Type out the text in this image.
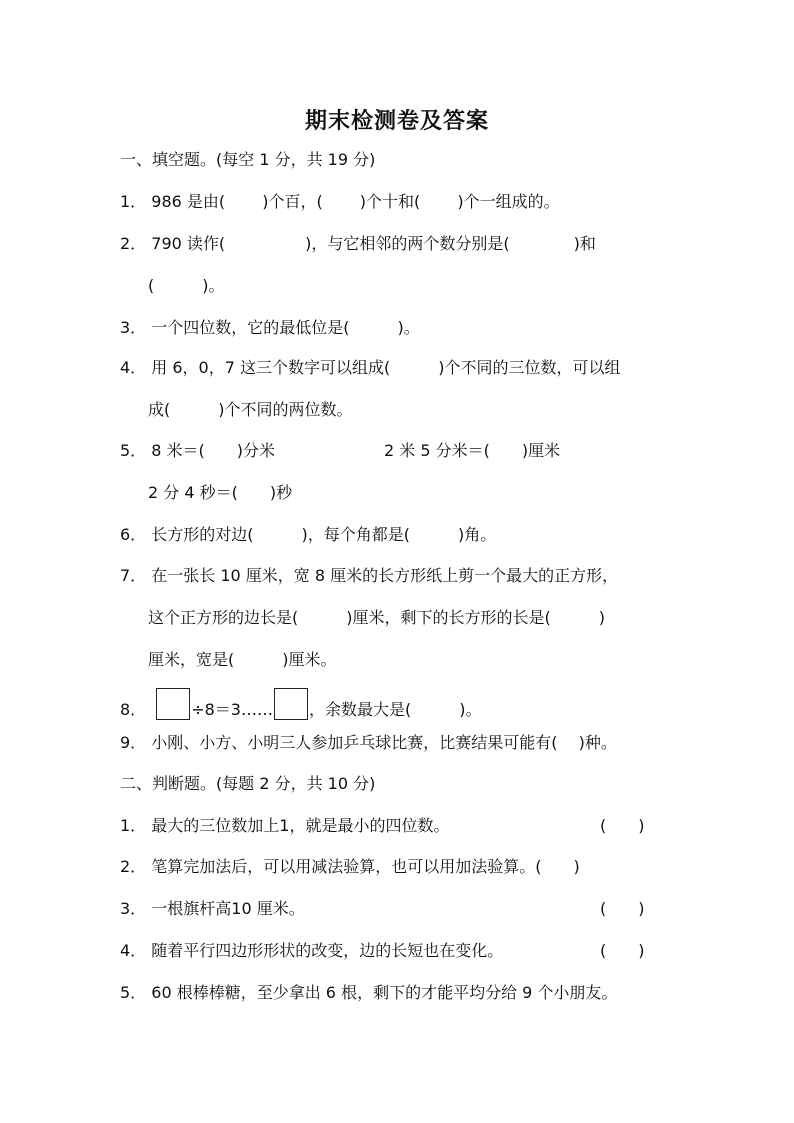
期末检测卷及答案
一、填空题。(每空 1 分，共 19 分)
1． 986 是由(　　 )个百，(　　 )个十和(　　 )个一组成的。
2． 790 读作(　　　　　)，与它相邻的两个数分别是(　　　　)和
(　　　)。
3． 一个四位数，它的最低位是(　　　)。
4． 用 6，0，7 这三个数字可以组成(　　　)个不同的三位数，可以组
成(　　　)个不同的两位数。
5． 8 米＝(　　)分米	2 米 5 分米＝(　　)厘米
2 分 4 秒＝(　　)秒
6． 长方形的对边(　　　)，每个角都是(　　　)角。
7． 在一张长 10 厘米，宽 8 厘米的长方形纸上剪一个最大的正方形，
这个正方形的边长是(　　　)厘米，剩下的长方形的长是(　　　)
厘米，宽是(　　　)厘米。
8．	÷8＝3…… ，余数最大是(　　　)。
9． 小刚、小方、小明三人参加乒乓球比赛，比赛结果可能有(　 )种。
二、判断题。(每题 2 分，共 10 分)
1． 最大的三位数加上1，就是最小的四位数。	(　　)
2． 笔算完加法后，可以用减法验算，也可以用加法验算。(　　)
3． 一根旗杆高10 厘米。	(　　)
4． 随着平行四边形形状的改变，边的长短也在变化。	(　　)
5． 60 根棒棒糖，至少拿出 6 根，剩下的才能平均分给 9 个小朋友。
